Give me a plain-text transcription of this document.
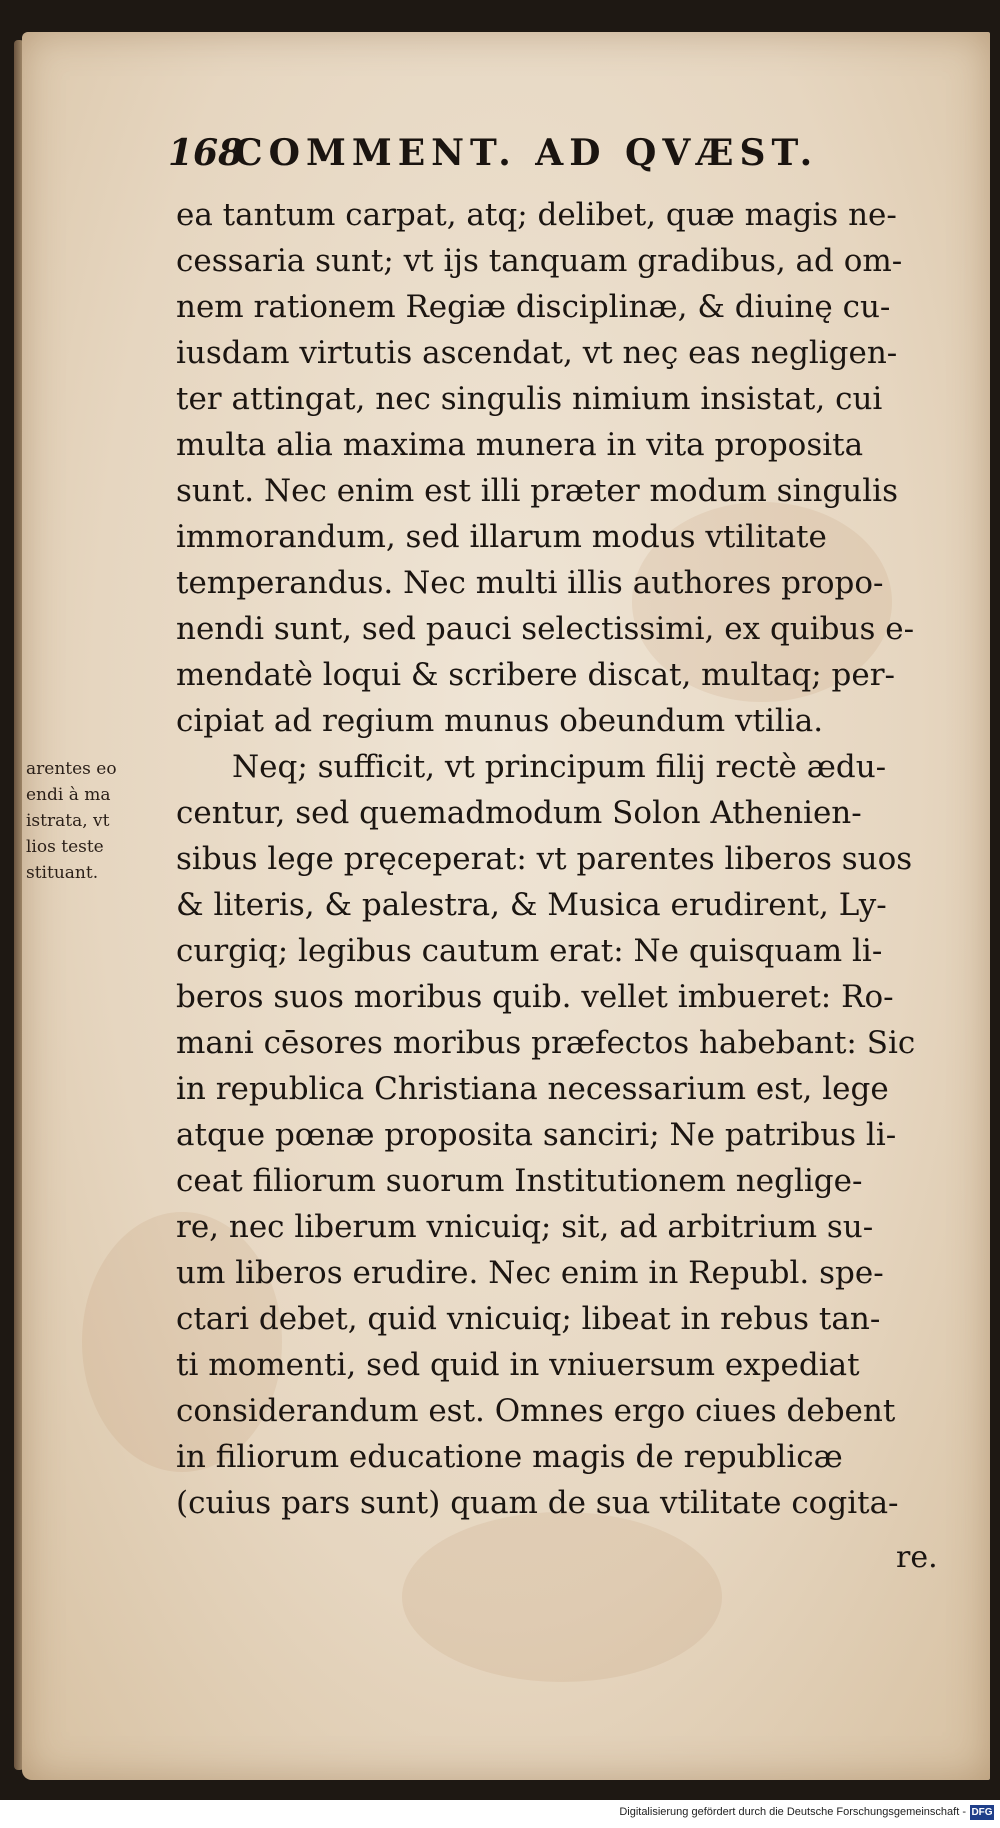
168
COMMENT. AD QVÆST.
arentes eo
endi à ma
istrata, vt
lios teste
stituant.
ea tantum carpat, atq; delibet, quæ magis ne-
cessaria sunt; vt ijs tanquam gradibus, ad om-
nem rationem Regiæ disciplinæ, & diuinę cu-
iusdam virtutis ascendat, vt neç eas negligen-
ter attingat, nec singulis nimium insistat, cui
multa alia maxima munera in vita proposita
sunt. Nec enim est illi præter modum singulis
immorandum, sed illarum modus vtilitate
temperandus. Nec multi illis authores propo-
nendi sunt, sed pauci selectissimi, ex quibus e-
mendatè loqui & scribere discat, multaq; per-
cipiat ad regium munus obeundum vtilia.
Neq; sufficit, vt principum filij rectè ædu-
centur, sed quemadmodum Solon Athenien-
sibus lege pręceperat: vt parentes liberos suos
& literis, & palestra, & Musica erudirent, Ly-
curgiq; legibus cautum erat: Ne quisquam li-
beros suos moribus quib. vellet imbueret: Ro-
mani cēsores moribus præfectos habebant: Sic
in republica Christiana necessarium est, lege
atque pœnæ proposita sanciri; Ne patribus li-
ceat filiorum suorum Institutionem neglige-
re, nec liberum vnicuiq; sit, ad arbitrium su-
um liberos erudire. Nec enim in Republ. spe-
ctari debet, quid vnicuiq; libeat in rebus tan-
ti momenti, sed quid in vniuersum expediat
considerandum est. Omnes ergo ciues debent
in filiorum educatione magis de republicæ
(cuius pars sunt) quam de sua vtilitate cogita-
re.
Digitalisierung gefördert durch die Deutsche Forschungsgemeinschaft - DFG
